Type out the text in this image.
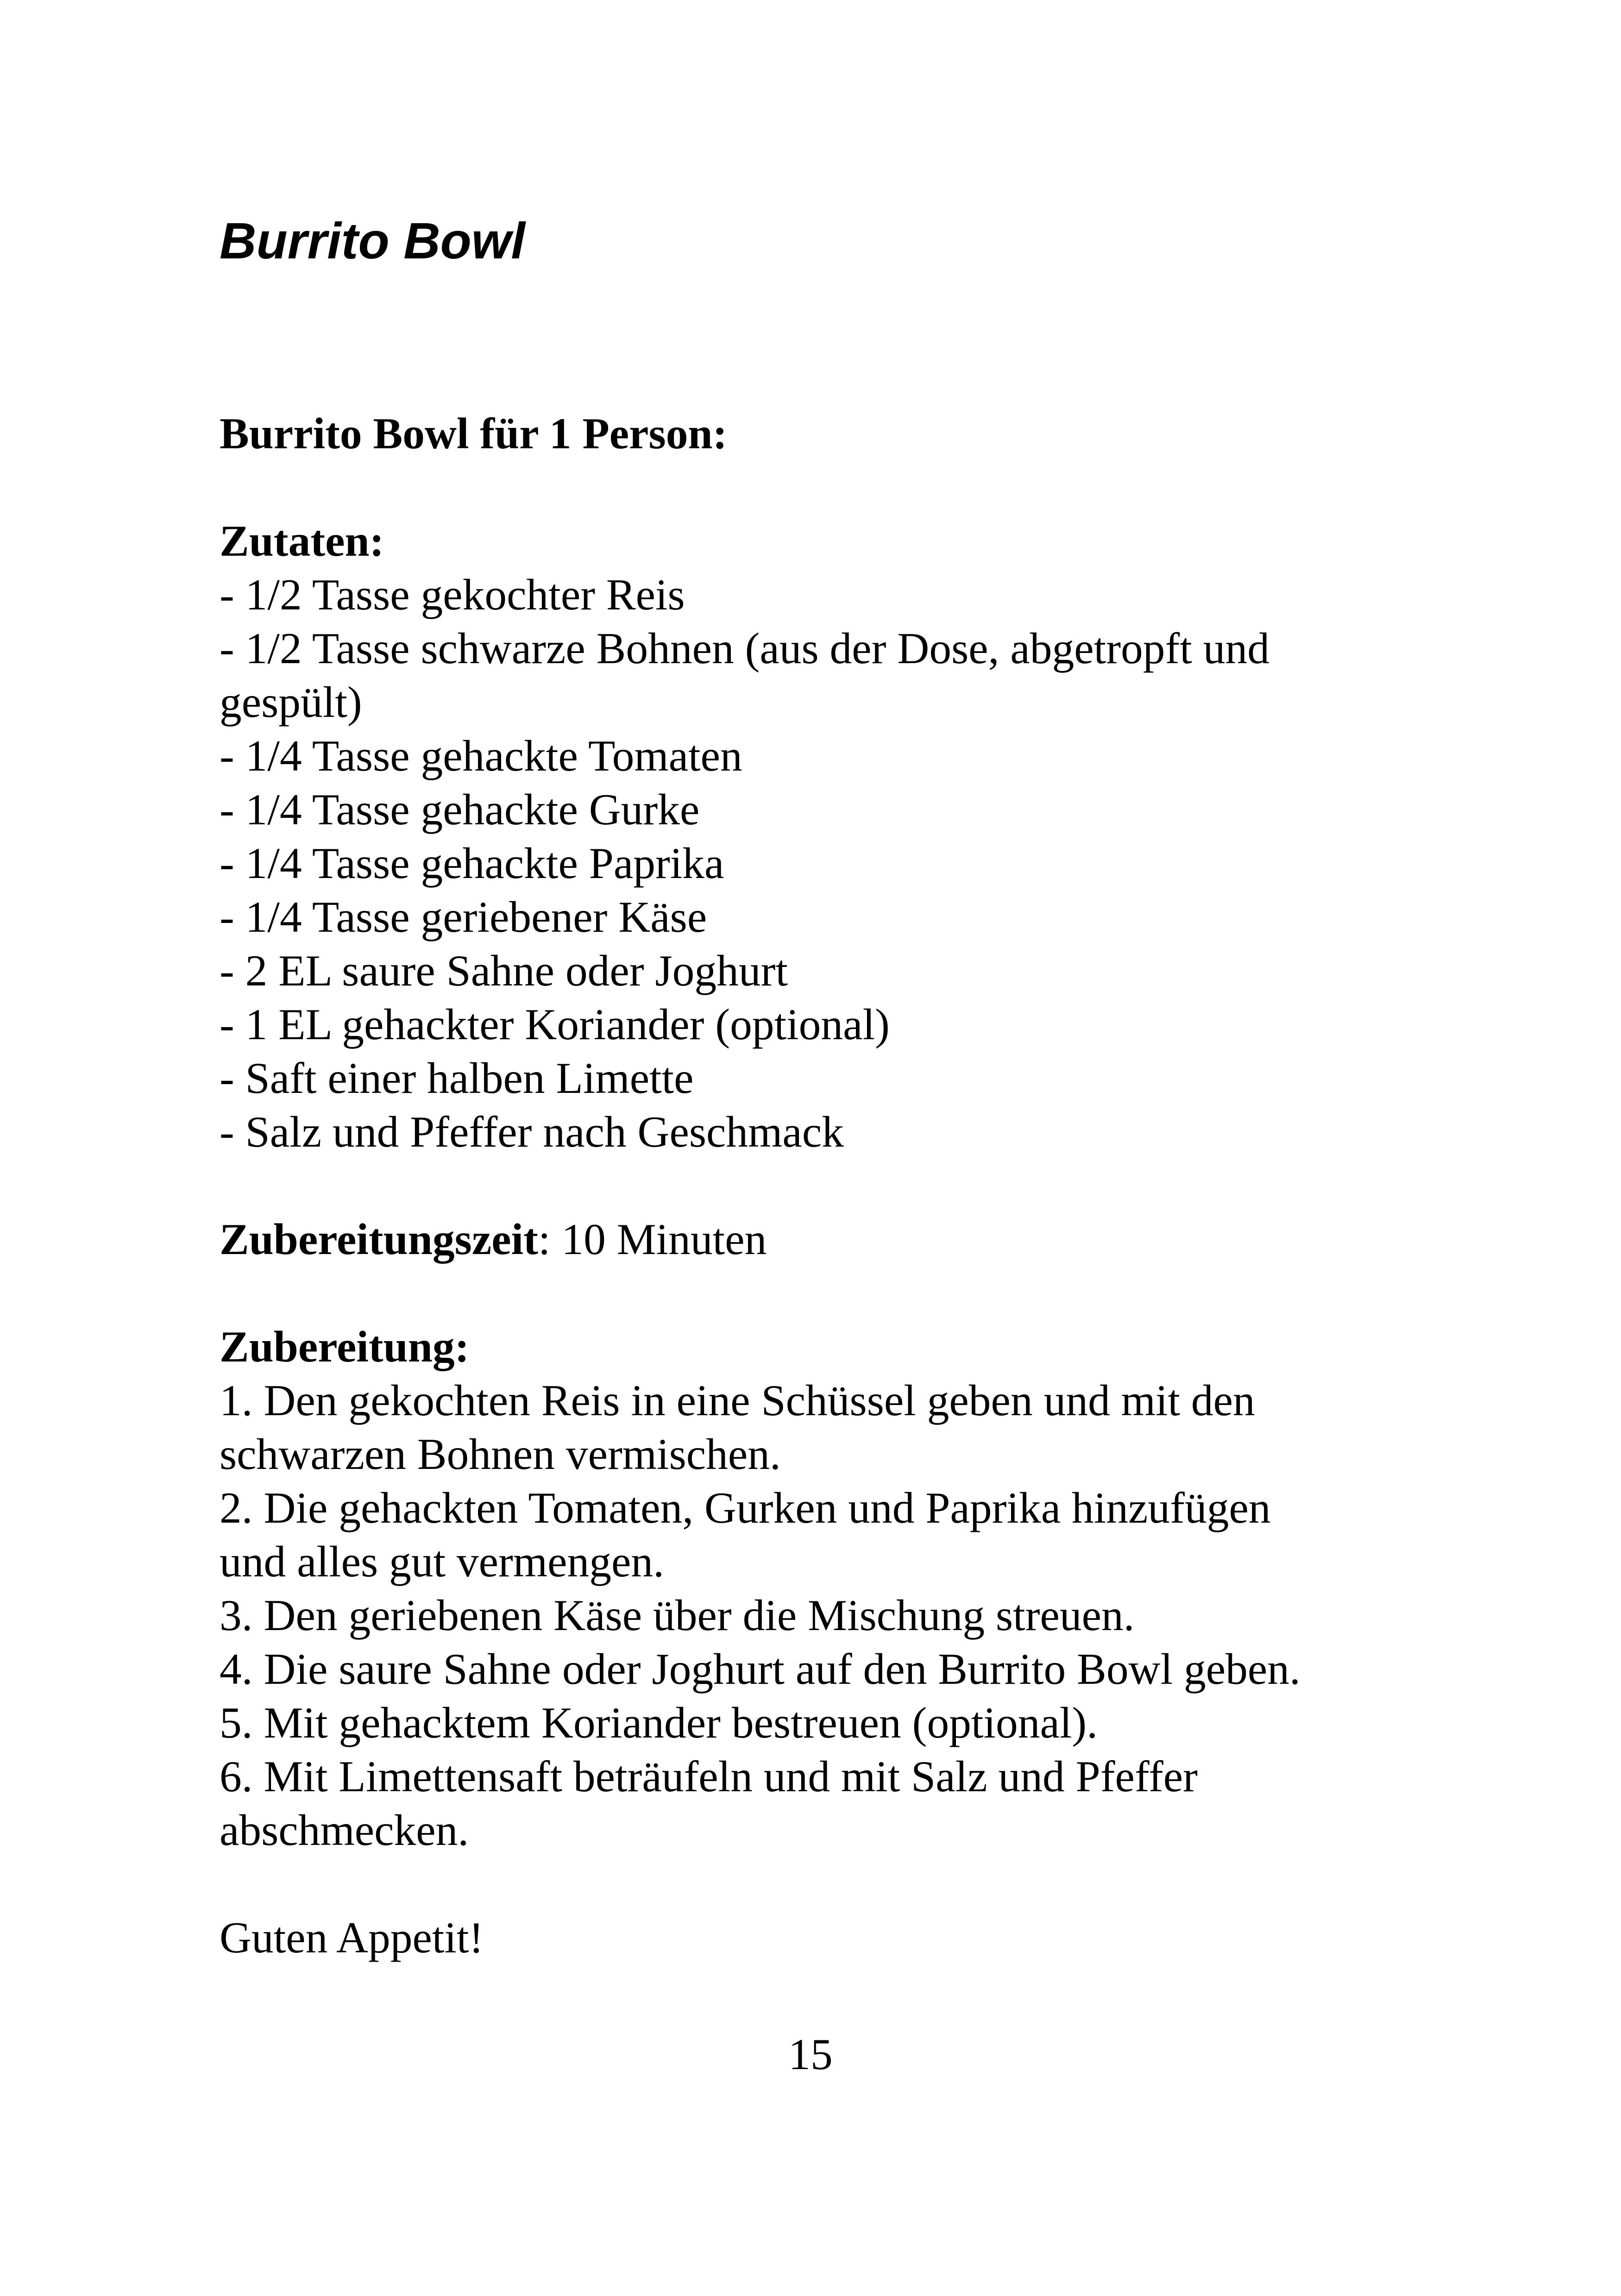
Burrito Bowl

Burrito Bowl für 1 Person:

Zutaten:

- 1/2 Tasse gekochter Reis

- 1/2 Tasse schwarze Bohnen (aus der Dose, abgetropft und

gespült)

- 1/4 Tasse gehackte Tomaten

- 1/4 Tasse gehackte Gurke

- 1/4 Tasse gehackte Paprika

- 1/4 Tasse geriebener Käse

- 2 EL saure Sahne oder Joghurt

- 1 EL gehackter Koriander (optional)

- Saft einer halben Limette

- Salz und Pfeffer nach Geschmack

Zubereitungszeit: 10 Minuten

Zubereitung:

1. Den gekochten Reis in eine Schüssel geben und mit den

schwarzen Bohnen vermischen.

2. Die gehackten Tomaten, Gurken und Paprika hinzufügen

und alles gut vermengen.

3. Den geriebenen Käse über die Mischung streuen.

4. Die saure Sahne oder Joghurt auf den Burrito Bowl geben.

5. Mit gehacktem Koriander bestreuen (optional).

6. Mit Limettensaft beträufeln und mit Salz und Pfeffer

abschmecken.

Guten Appetit!

15
